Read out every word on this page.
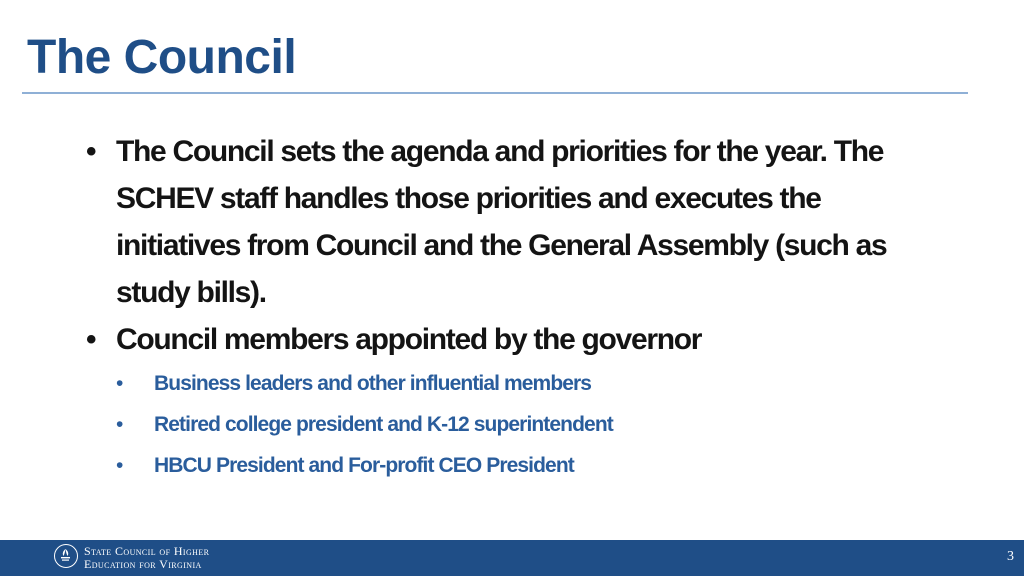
The Council
• The Council sets the agenda and priorities for the year. The SCHEV staff handles those priorities and executes the initiatives from Council and the General Assembly (such as study bills).
• Council members appointed by the governor
• Business leaders and other influential members
• Retired college president and K-12 superintendent
• HBCU President and For-profit CEO President
State Council of Higher
Education for Virginia	3
